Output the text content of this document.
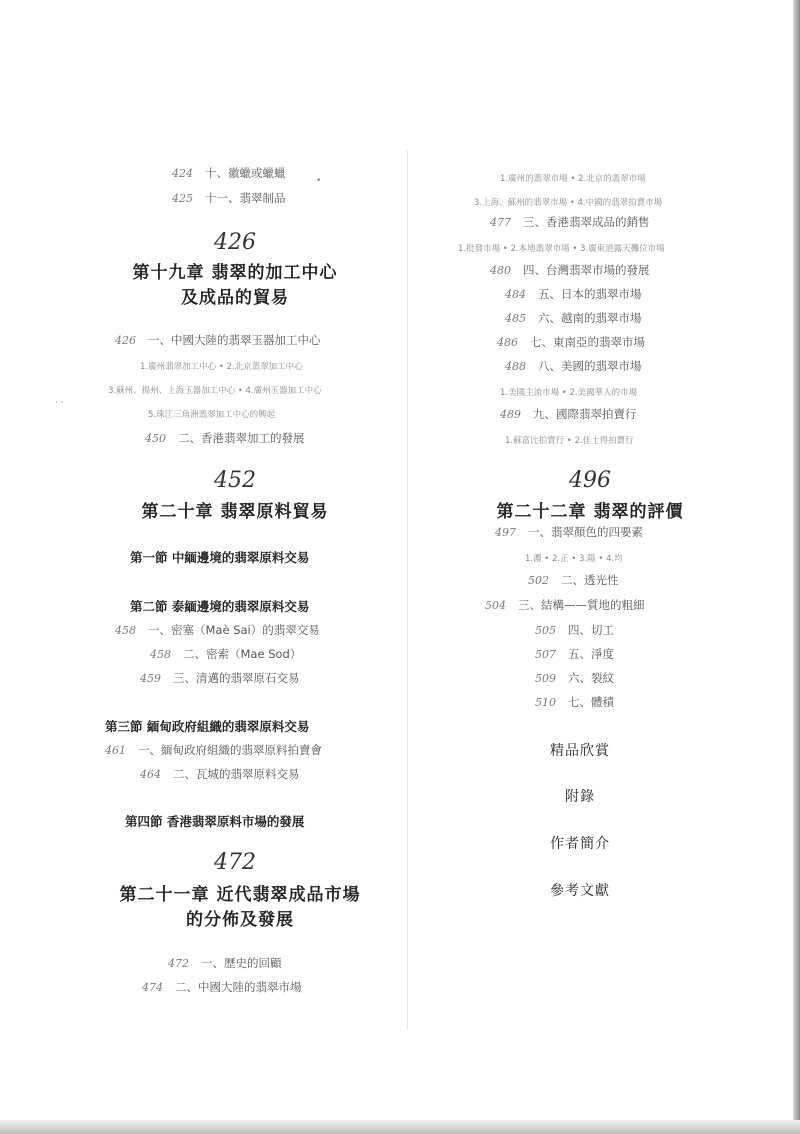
•
· ·
424 十、徽蠟或蠟蠟
425 十一、翡翠制品
426
第十九章 翡翠的加工中心
及成品的貿易
426 一、中國大陸的翡翠玉器加工中心
1.廣州翡翠加工中心 • 2.北京翡翠加工中心
3.蘇州、揚州、上海玉器加工中心 • 4.廣州玉器加工中心
5.珠江三角洲翡翠加工中心的興起
450 二、香港翡翠加工的發展
452
第二十章 翡翠原料貿易
第一節 中緬邊境的翡翠原料交易
第二節 泰緬邊境的翡翠原料交易
458 一、密塞（Maè Sai）的翡翠交易
458 二、密索（Mae Sod）
459 三、清邁的翡翠原石交易
第三節 緬甸政府組織的翡翠原料交易
461 一、緬甸政府組織的翡翠原料拍賣會
464 二、瓦城的翡翠原料交易
第四節 香港翡翠原料市場的發展
472
第二十一章 近代翡翠成品市場
的分佈及發展
472 一、歷史的回顧
474 二、中國大陸的翡翠市場
1.廣州的翡翠市場 • 2.北京的翡翠市場
3.上海、蘇州的翡翠市場 • 4.中國的翡翠拍賣市場
477 三、香港翡翠成品的銷售
1.批發市場 • 2.本地翡翠市場 • 3.廣東道露天攤位市場
480 四、台灣翡翠市場的發展
484 五、日本的翡翠市場
485 六、越南的翡翠市場
486 七、東南亞的翡翠市場
488 八、美國的翡翠市場
1.美國主流市場 • 2.美國華人的市場
489 九、國際翡翠拍賣行
1.蘇富比拍賣行 • 2.佳士得拍賣行
496
第二十二章 翡翠的評價
497 一、翡翠顏色的四要素
1.濃 • 2.正 • 3.陽 • 4.均
502 二、透光性
504 三、結構——質地的粗細
505 四、切工
507 五、淨度
509 六、裂紋
510 七、體積
精品欣賞
附錄
作者簡介
參考文獻
